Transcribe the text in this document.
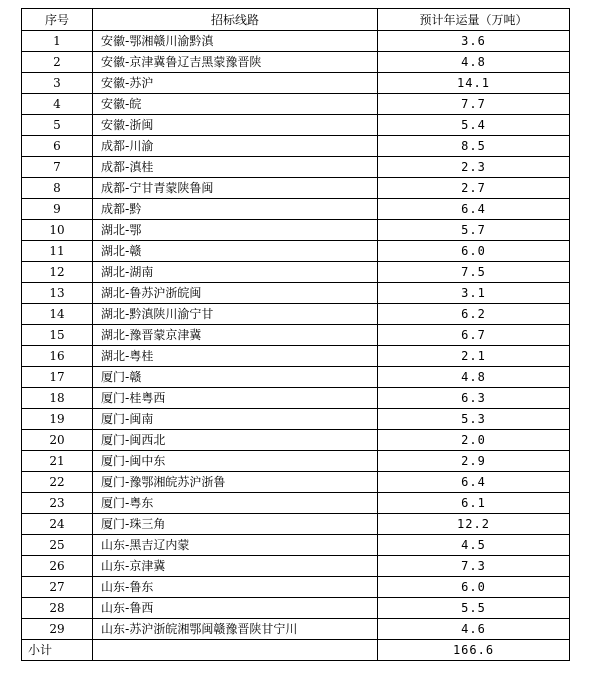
序号	招标线路	预计年运量（万吨）
1	安徽-鄂湘赣川渝黔滇	3.6
2	安徽-京津冀鲁辽吉黑蒙豫晋陕	4.8
3	安徽-苏沪	14.1
4	安徽-皖	7.7
5	安徽-浙闽	5.4
6	成都-川渝	8.5
7	成都-滇桂	2.3
8	成都-宁甘青蒙陕鲁闽	2.7
9	成都-黔	6.4
10	湖北-鄂	5.7
11	湖北-赣	6.0
12	湖北-湖南	7.5
13	湖北-鲁苏沪浙皖闽	3.1
14	湖北-黔滇陕川渝宁甘	6.2
15	湖北-豫晋蒙京津冀	6.7
16	湖北-粤桂	2.1
17	厦门-赣	4.8
18	厦门-桂粤西	6.3
19	厦门-闽南	5.3
20	厦门-闽西北	2.0
21	厦门-闽中东	2.9
22	厦门-豫鄂湘皖苏沪浙鲁	6.4
23	厦门-粤东	6.1
24	厦门-珠三角	12.2
25	山东-黑吉辽内蒙	4.5
26	山东-京津冀	7.3
27	山东-鲁东	6.0
28	山东-鲁西	5.5
29	山东-苏沪浙皖湘鄂闽赣豫晋陕甘宁川	4.6
小计		166.6
